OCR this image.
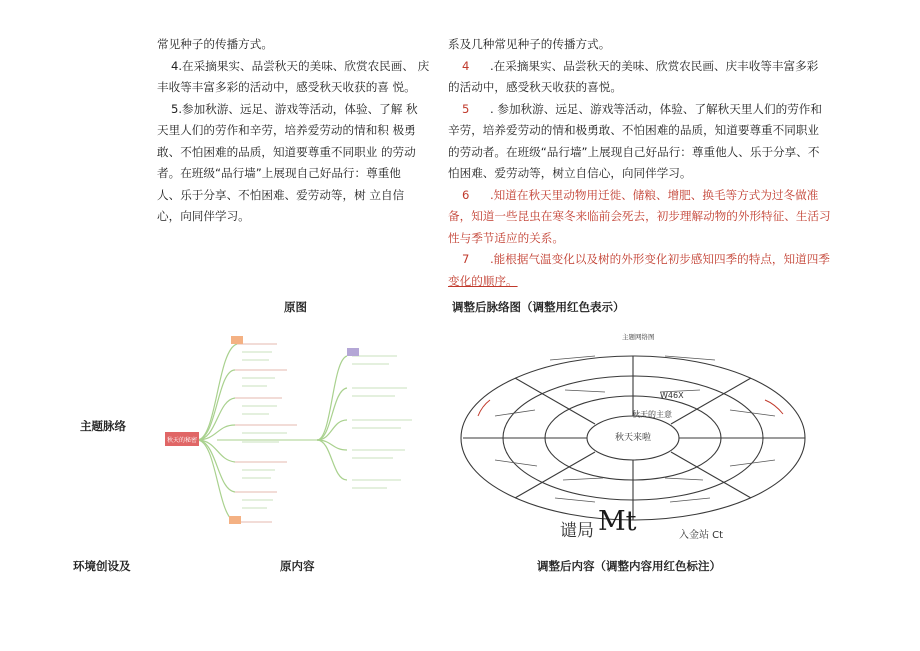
常见种子的传播方式。

4.在采摘果实、品尝秋天的美味、欣赏农民画、 庆

丰收等丰富多彩的活动中，感受秋天收获的喜 悦。

5.参加秋游、远足、游戏等活动，体验、了解 秋

天里人们的劳作和辛劳，培养爱劳动的情和积 极勇

敢、不怕困难的品质，知道要尊重不同职业 的劳动

者。在班级“品行墙”上展现自己好品行：尊重他

人、乐于分享、不怕困难、爱劳动等，树 立自信

心，向同伴学习。

系及几种常见种子的传播方式。

4 .在采摘果实、品尝秋天的美味、欣赏农民画、庆丰收等丰富多彩

的活动中，感受秋天收获的喜悦。

5 . 参加秋游、远足、游戏等活动，体验、了解秋天里人们的劳作和

辛劳，培养爱劳动的情和极勇敢、不怕困难的品质，知道要尊重不同职业

的劳动者。在班级“品行墙”上展现自己好品行：尊重他人、乐于分享、不

怕困难、爱劳动等，树立自信心，向同伴学习。

6 .知道在秋天里动物用迁徙、储粮、增肥、换毛等方式为过冬做准

备，知道一些昆虫在寒冬来临前会死去，初步理解动物的外形特征、生活习

性与季节适应的关系。

7 .能根据气温变化以及树的外形变化初步感知四季的特点，知道四季

变化的顺序。

原图	调整后脉络图（调整用红色表示）
主题脉络
环境创设及	原内容	调整后内容（调整内容用红色标注）
秋天的秘密
主题网络图
W46X
秋天的主意
秋天来啦
谴局 Mt	入金站 Ct
